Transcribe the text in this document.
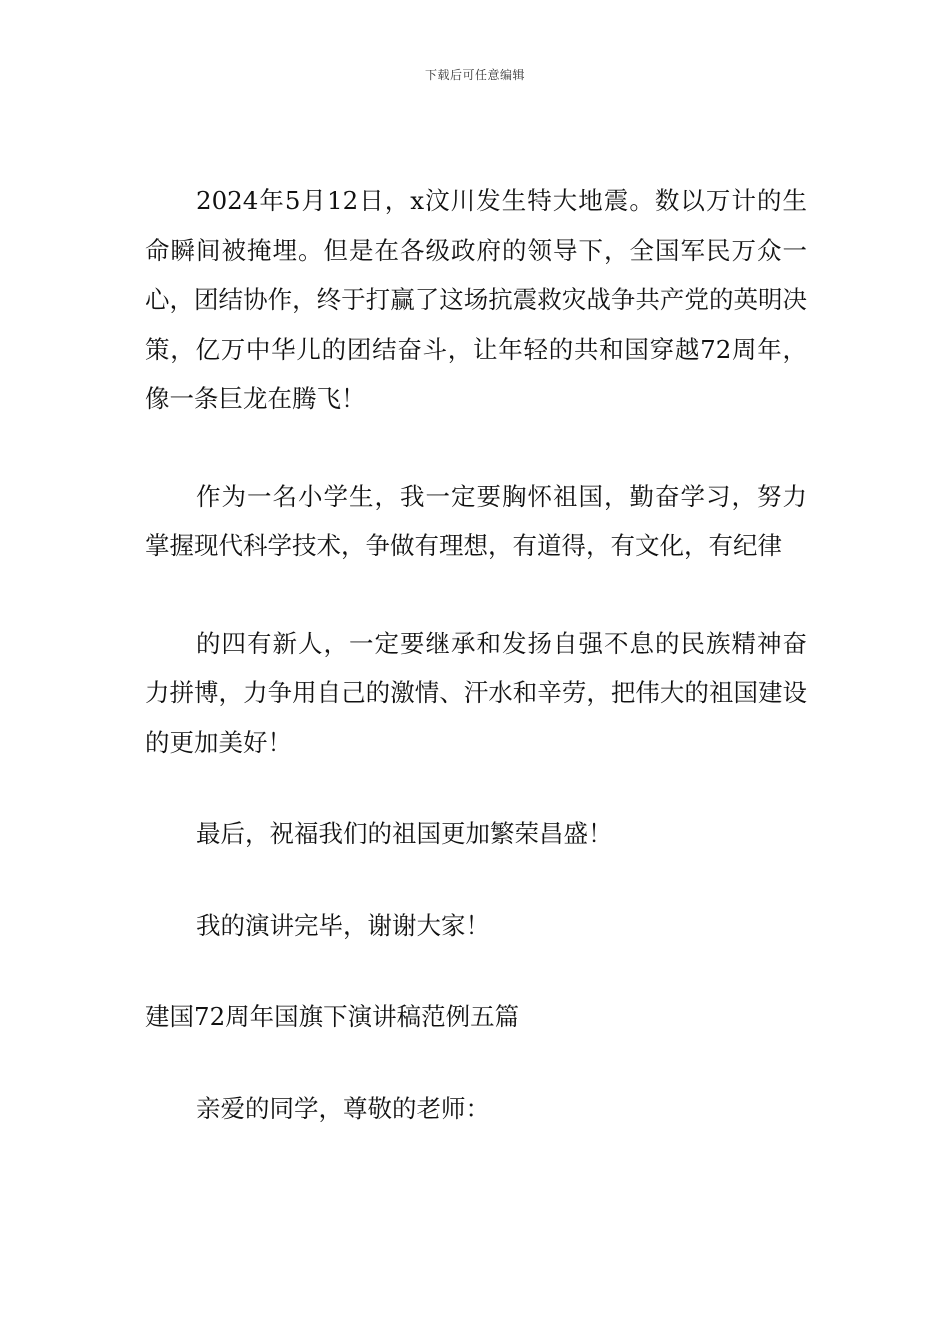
下载后可任意编辑

2024年5月12日，x汶川发生特大地震。数以万计的生命瞬间被掩埋。但是在各级政府的领导下，全国军民万众一心，团结协作，终于打赢了这场抗震救灾战争共产党的英明决策，亿万中华儿的团结奋斗，让年轻的共和国穿越72周年，像一条巨龙在腾飞！

作为一名小学生，我一定要胸怀祖国，勤奋学习，努力掌握现代科学技术，争做有理想，有道得，有文化，有纪律

的四有新人，一定要继承和发扬自强不息的民族精神奋力拼博，力争用自己的激情、汗水和辛劳，把伟大的祖国建设的更加美好！

最后，祝福我们的祖国更加繁荣昌盛！

我的演讲完毕，谢谢大家！

建国72周年国旗下演讲稿范例五篇

亲爱的同学，尊敬的老师：
